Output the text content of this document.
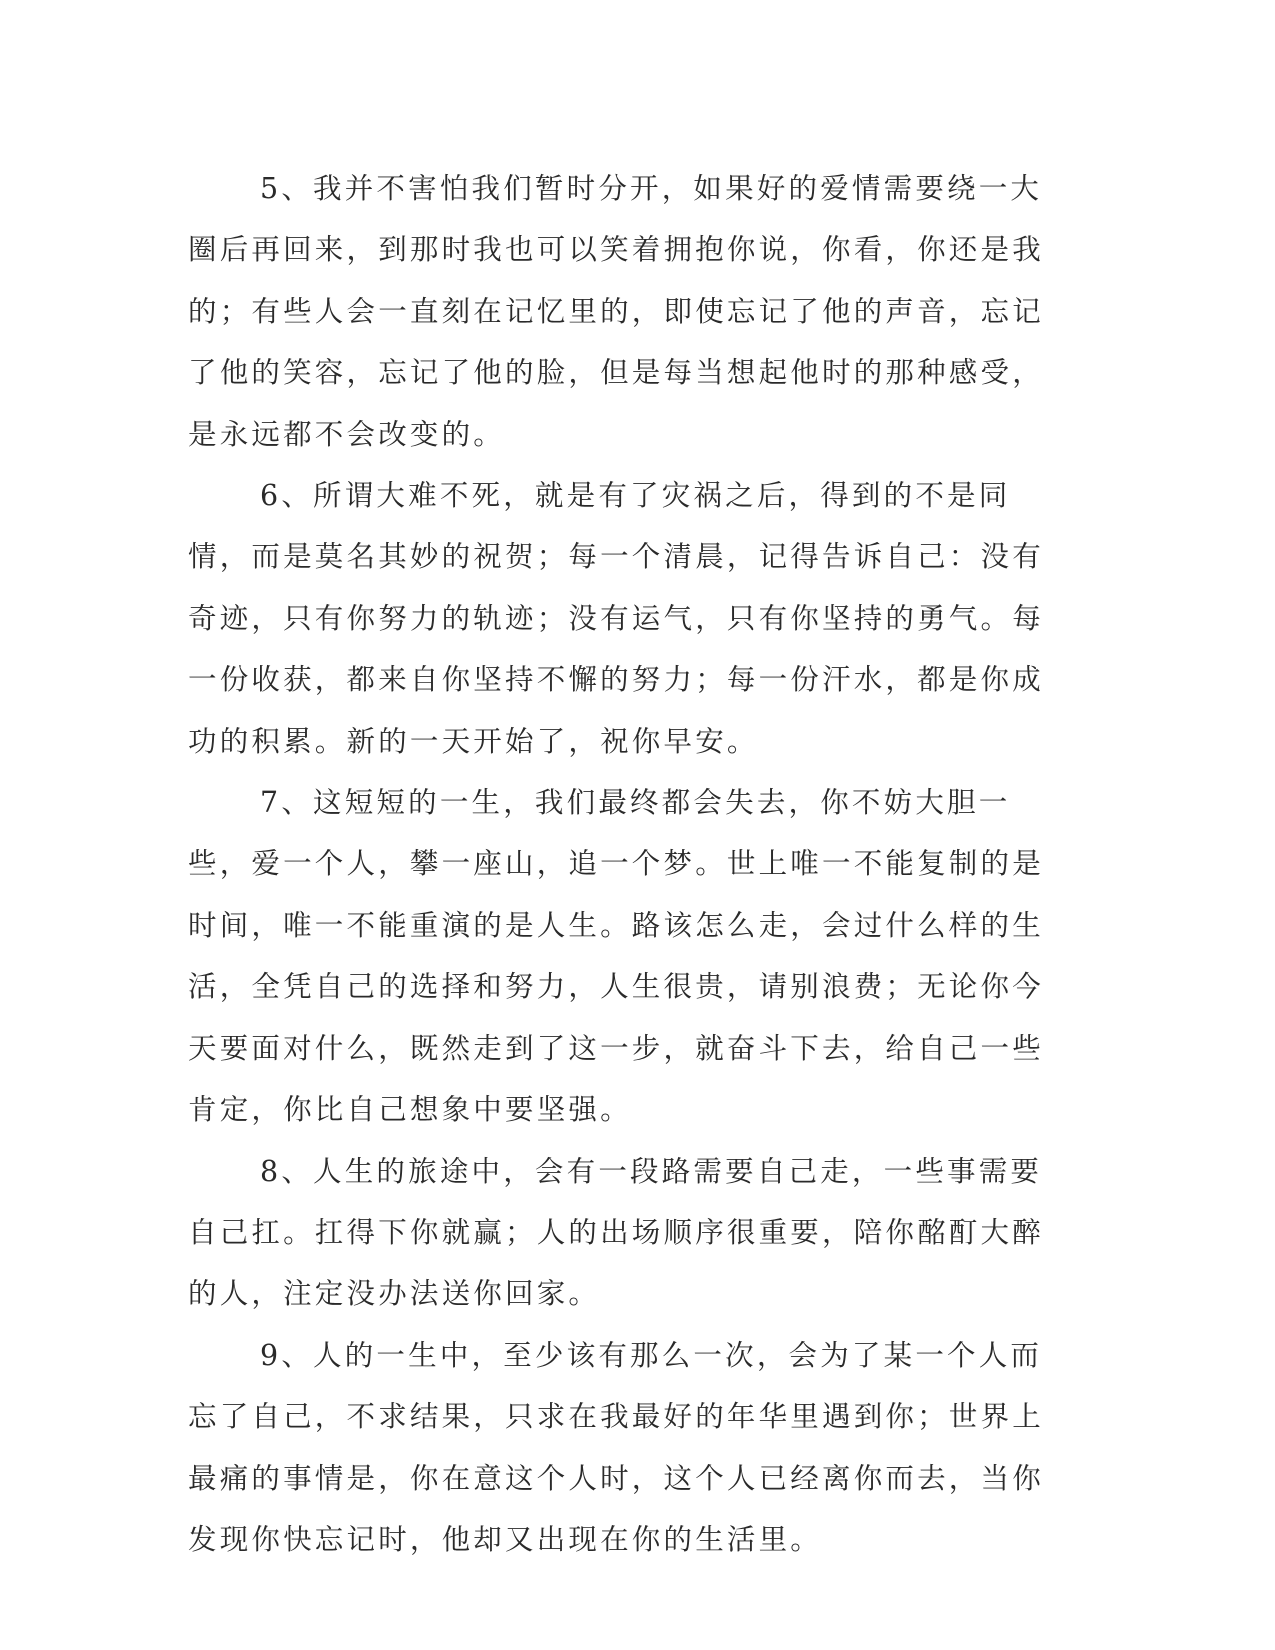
5、我并不害怕我们暂时分开，如果好的爱情需要绕一大圈后再回来，到那时我也可以笑着拥抱你说，你看，你还是我的；有些人会一直刻在记忆里的，即使忘记了他的声音，忘记了他的笑容，忘记了他的脸，但是每当想起他时的那种感受，是永远都不会改变的。

6、所谓大难不死，就是有了灾祸之后，得到的不是同情，而是莫名其妙的祝贺；每一个清晨，记得告诉自己：没有奇迹，只有你努力的轨迹；没有运气，只有你坚持的勇气。每一份收获，都来自你坚持不懈的努力；每一份汗水，都是你成功的积累。新的一天开始了，祝你早安。

7、这短短的一生，我们最终都会失去，你不妨大胆一些，爱一个人，攀一座山，追一个梦。世上唯一不能复制的是时间，唯一不能重演的是人生。路该怎么走，会过什么样的生活，全凭自己的选择和努力，人生很贵，请别浪费；无论你今天要面对什么，既然走到了这一步，就奋斗下去，给自己一些肯定，你比自己想象中要坚强。

8、人生的旅途中，会有一段路需要自己走，一些事需要自己扛。扛得下你就赢；人的出场顺序很重要，陪你酩酊大醉的人，注定没办法送你回家。

9、人的一生中，至少该有那么一次，会为了某一个人而忘了自己，不求结果，只求在我最好的年华里遇到你；世界上最痛的事情是，你在意这个人时，这个人已经离你而去，当你发现你快忘记时，他却又出现在你的生活里。
